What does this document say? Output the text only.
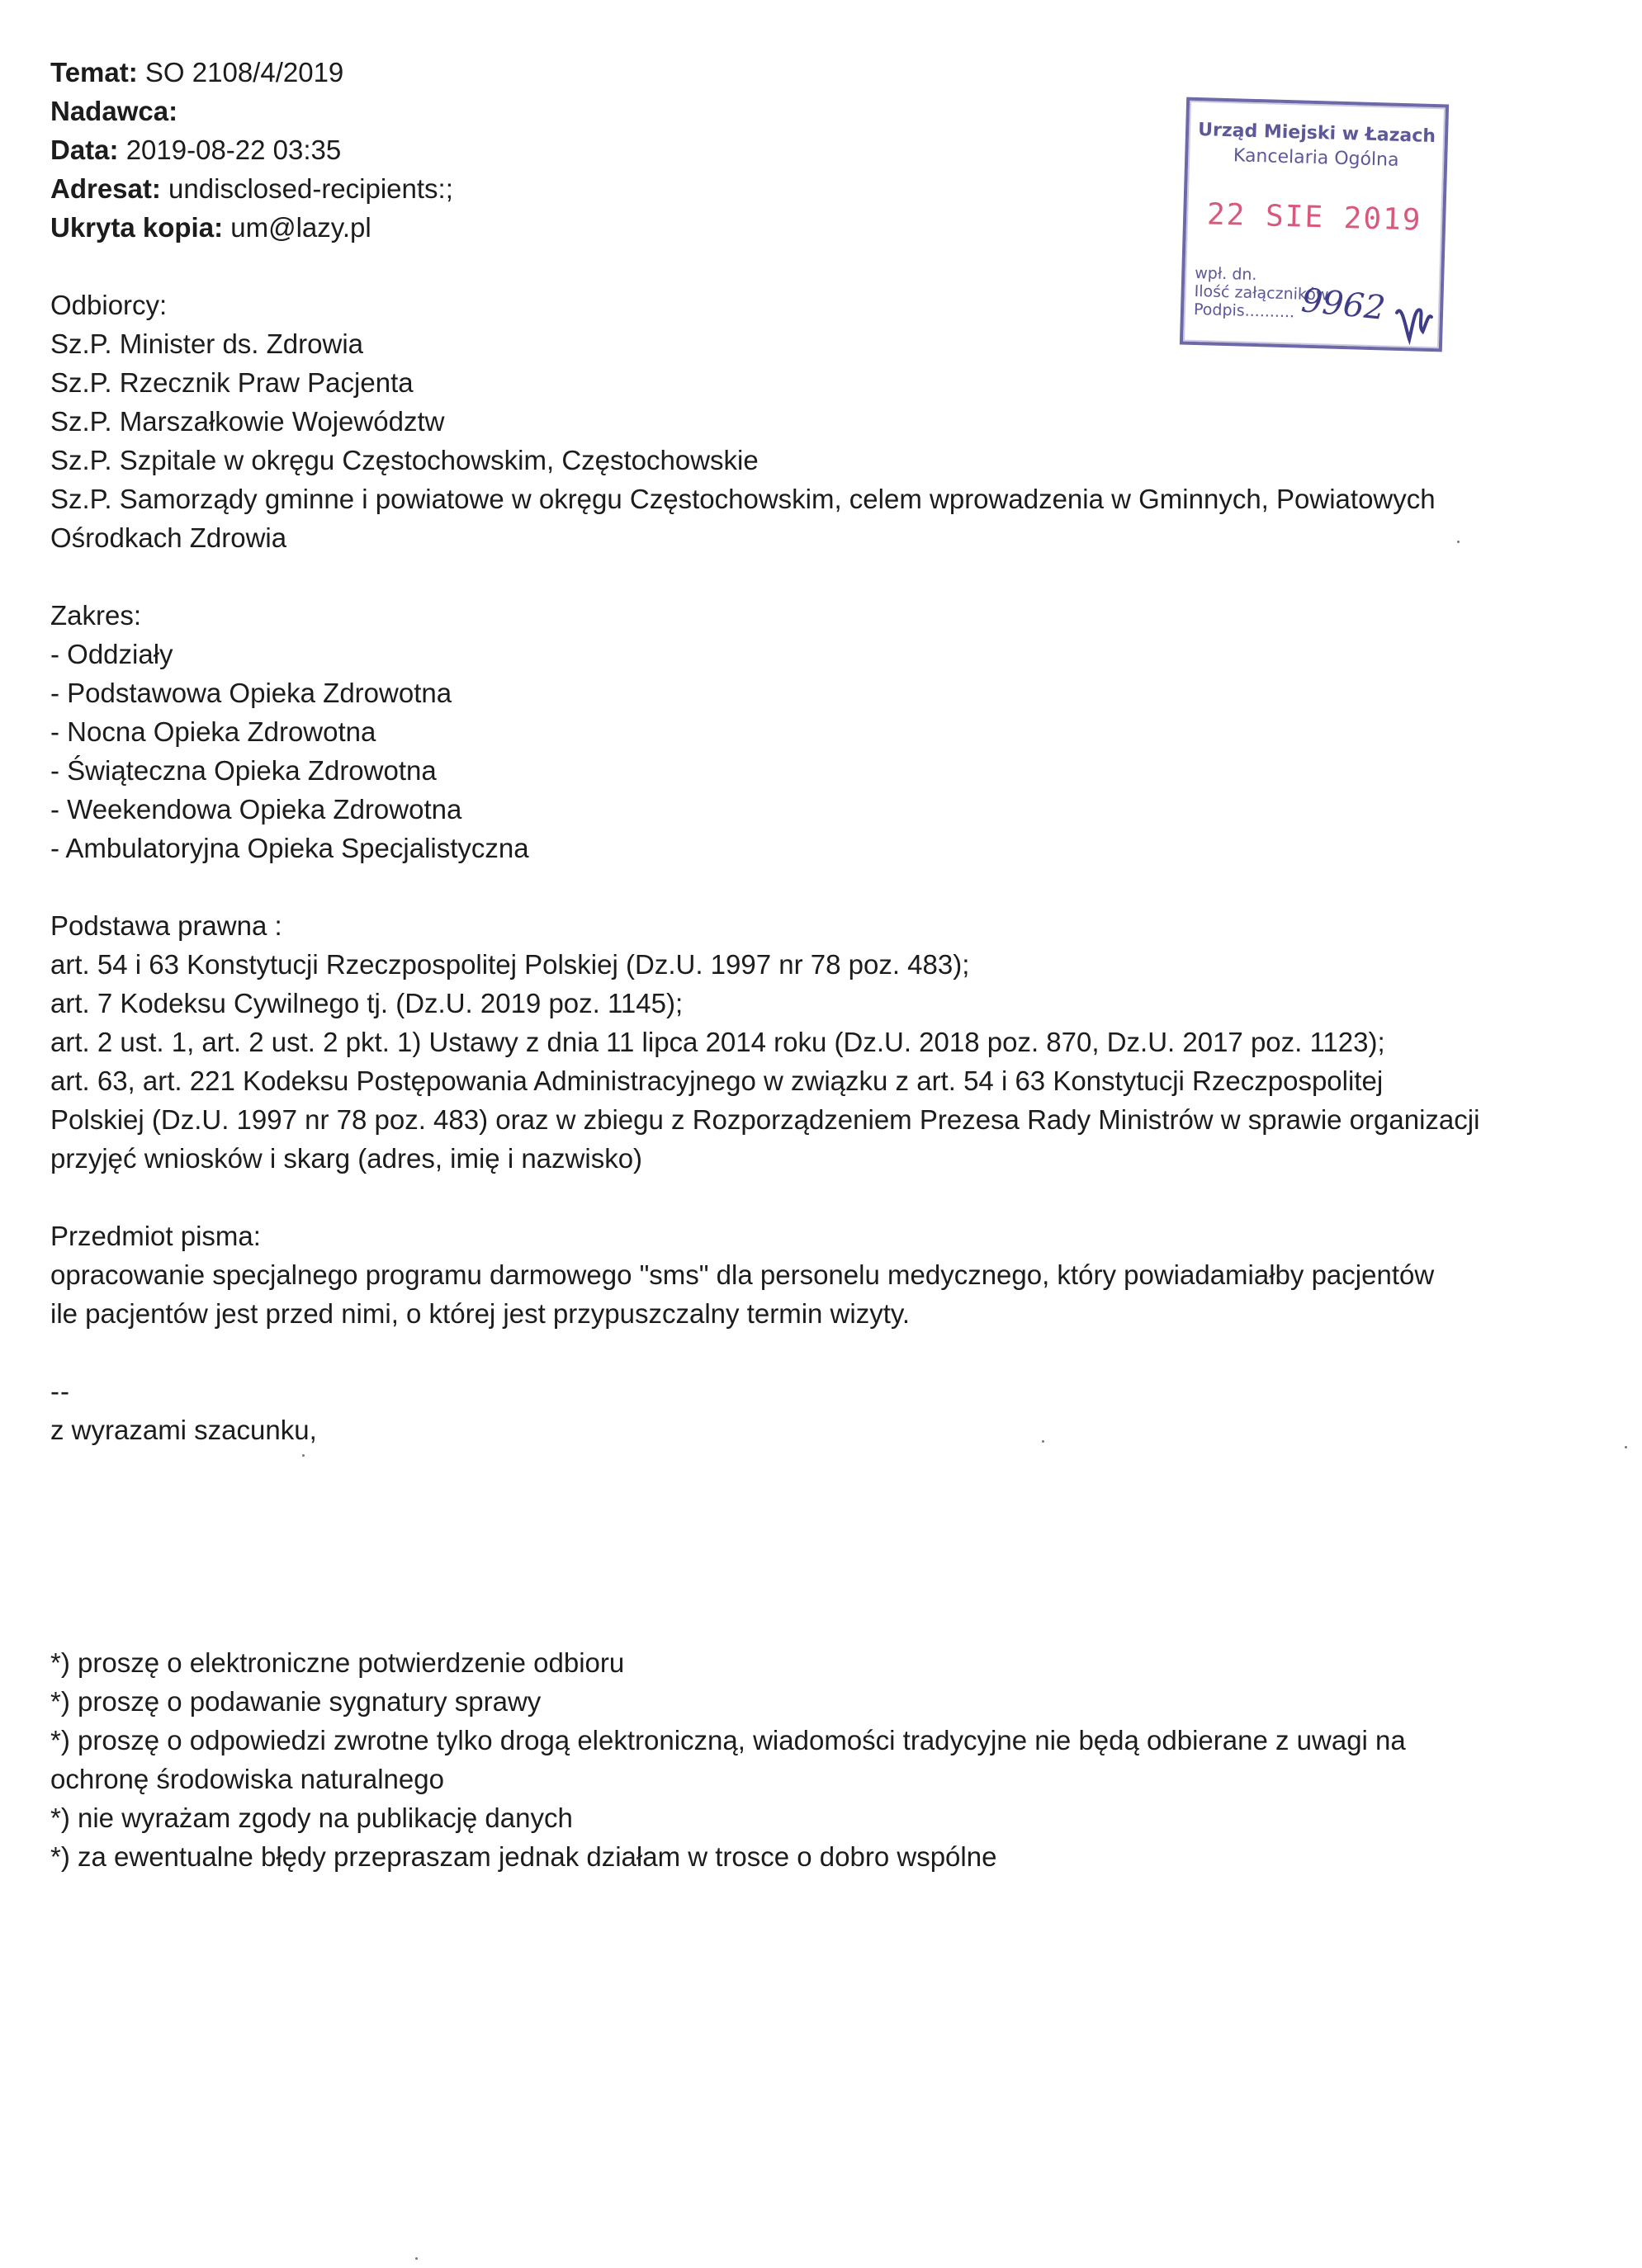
Temat: SO 2108/4/2019
Nadawca:
Data: 2019-08-22 03:35
Adresat: undisclosed-recipients:;
Ukryta kopia: um@lazy.pl
Odbiorcy:
Sz.P. Minister ds. Zdrowia
Sz.P. Rzecznik Praw Pacjenta
Sz.P. Marszałkowie Województw
Sz.P. Szpitale w okręgu Częstochowskim, Częstochowskie
Sz.P. Samorządy gminne i powiatowe w okręgu Częstochowskim, celem wprowadzenia w Gminnych, Powiatowych
Ośrodkach Zdrowia
Zakres:
- Oddziały
- Podstawowa Opieka Zdrowotna
- Nocna Opieka Zdrowotna
- Świąteczna Opieka Zdrowotna
- Weekendowa Opieka Zdrowotna
- Ambulatoryjna Opieka Specjalistyczna
Podstawa prawna :
art. 54 i 63 Konstytucji Rzeczpospolitej Polskiej (Dz.U. 1997 nr 78 poz. 483);
art. 7 Kodeksu Cywilnego tj. (Dz.U. 2019 poz. 1145);
art. 2 ust. 1, art. 2 ust. 2 pkt. 1) Ustawy z dnia 11 lipca 2014 roku (Dz.U. 2018 poz. 870, Dz.U. 2017 poz. 1123);
art. 63, art. 221 Kodeksu Postępowania Administracyjnego w związku z art. 54 i 63 Konstytucji Rzeczpospolitej
Polskiej (Dz.U. 1997 nr 78 poz. 483) oraz w zbiegu z Rozporządzeniem Prezesa Rady Ministrów w sprawie organizacji
przyjęć wniosków i skarg (adres, imię i nazwisko)
Przedmiot pisma:
opracowanie specjalnego programu darmowego "sms" dla personelu medycznego, który powiadamiałby pacjentów
ile pacjentów jest przed nimi, o której jest przypuszczalny termin wizyty.
--
z wyrazami szacunku,
*) proszę o elektroniczne potwierdzenie odbioru
*) proszę o podawanie sygnatury sprawy
*) proszę o odpowiedzi zwrotne tylko drogą elektroniczną, wiadomości tradycyjne nie będą odbierane z uwagi na
ochronę środowiska naturalnego
*) nie wyrażam zgody na publikację danych
*) za ewentualne błędy przepraszam jednak działam w trosce o dobro wspólne
Urząd Miejski w Łazach
Kancelaria Ogólna
22 SIE 2019
wpł. dn.
Ilość załączników
Podpis.......... 9962
